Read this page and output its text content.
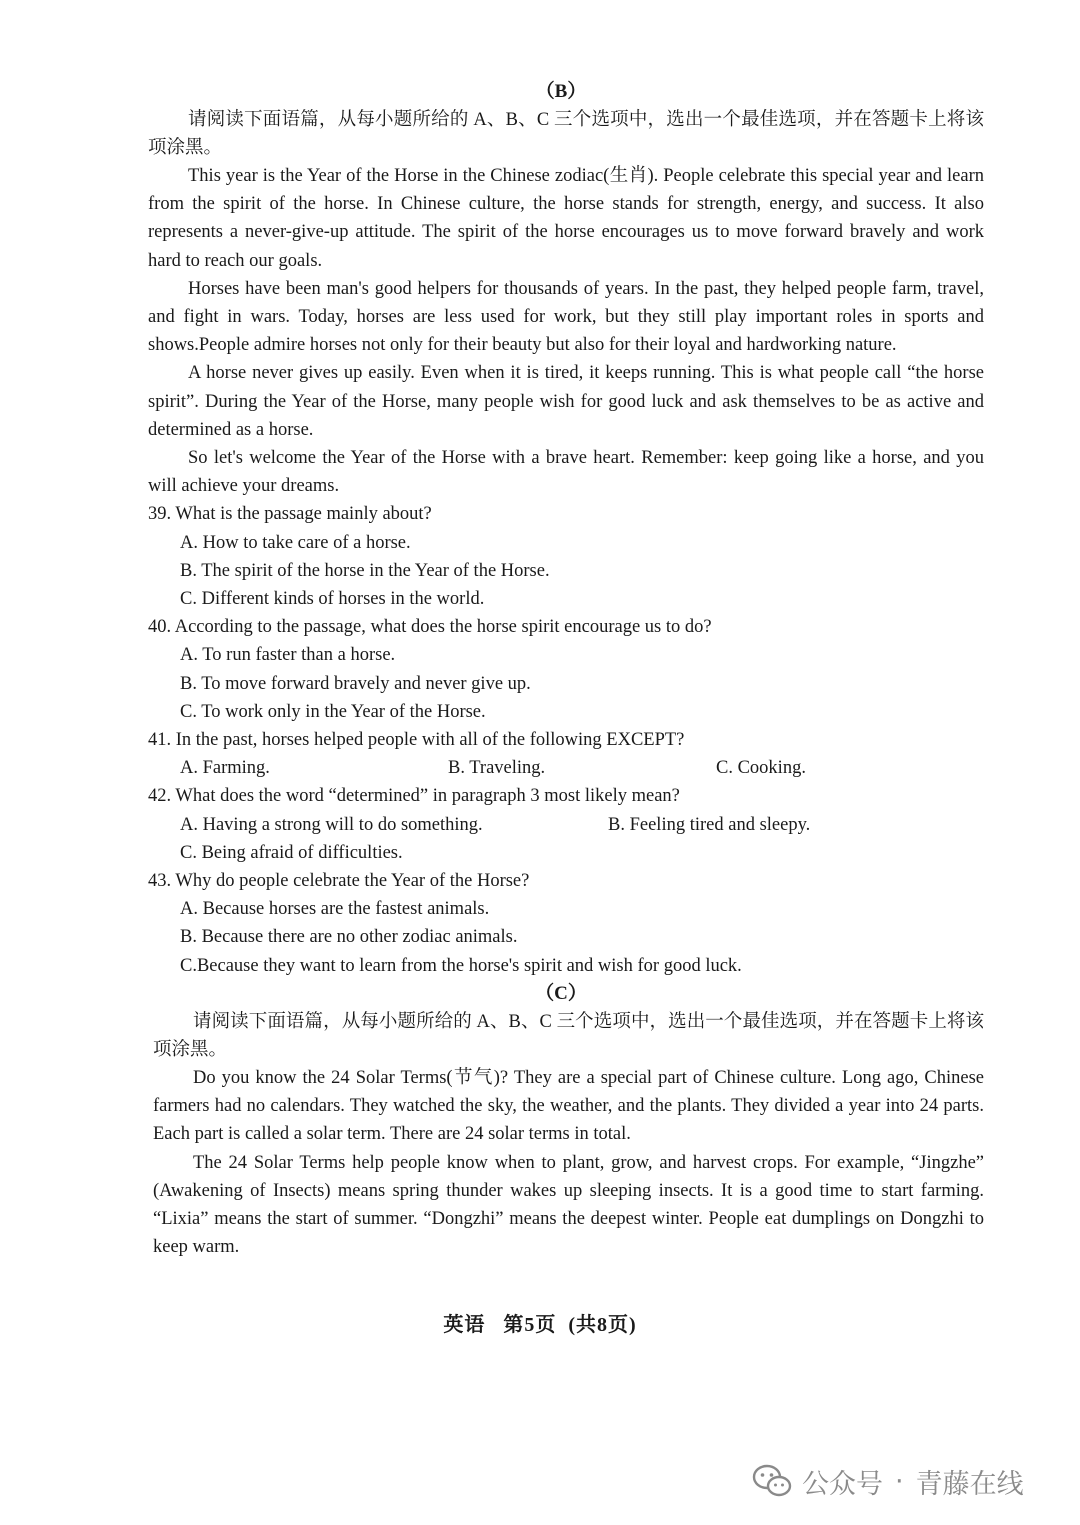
（B）

请阅读下面语篇，从每小题所给的 A、B、C 三个选项中，选出一个最佳选项，并在答题卡上将该项涂黑。

This year is the Year of the Horse in the Chinese zodiac(生肖). People celebrate this special year and learn from the spirit of the horse. In Chinese culture, the horse stands for strength, energy, and success. It also represents a never-give-up attitude. The spirit of the horse encourages us to move forward bravely and work hard to reach our goals.

Horses have been man's good helpers for thousands of years. In the past, they helped people farm, travel, and fight in wars. Today, horses are less used for work, but they still play important roles in sports and shows.People admire horses not only for their beauty but also for their loyal and hardworking nature.

A horse never gives up easily. Even when it is tired, it keeps running. This is what people call “the horse spirit”. During the Year of the Horse, many people wish for good luck and ask themselves to be as active and determined as a horse.

So let's welcome the Year of the Horse with a brave heart. Remember: keep going like a horse, and you will achieve your dreams.

39. What is the passage mainly about?

A. How to take care of a horse.

B. The spirit of the horse in the Year of the Horse.

C. Different kinds of horses in the world.

40. According to the passage, what does the horse spirit encourage us to do?

A. To run faster than a horse.

B. To move forward bravely and never give up.

C. To work only in the Year of the Horse.

41. In the past, horses helped people with all of the following EXCEPT?

A. Farming.	B. Traveling.	C. Cooking.

42. What does the word “determined” in paragraph 3 most likely mean?

A. Having a strong will to do something.	B. Feeling tired and sleepy.

C. Being afraid of difficulties.

43. Why do people celebrate the Year of the Horse?

A. Because horses are the fastest animals.

B. Because there are no other zodiac animals.

C.Because they want to learn from the horse's spirit and wish for good luck.

（C）

请阅读下面语篇，从每小题所给的 A、B、C 三个选项中，选出一个最佳选项，并在答题卡上将该项涂黑。

Do you know the 24 Solar Terms(节气)? They are a special part of Chinese culture. Long ago, Chinese farmers had no calendars. They watched the sky, the weather, and the plants. They divided a year into 24 parts. Each part is called a solar term. There are 24 solar terms in total.

The 24 Solar Terms help people know when to plant, grow, and harvest crops. For example, “Jingzhe” (Awakening of Insects) means spring thunder wakes up sleeping insects. It is a good time to start farming. “Lixia” means the start of summer. “Dongzhi” means the deepest winter. People eat dumplings on Dongzhi to keep warm.

英语 第5页 (共8页)
公众号 · 青藤在线
